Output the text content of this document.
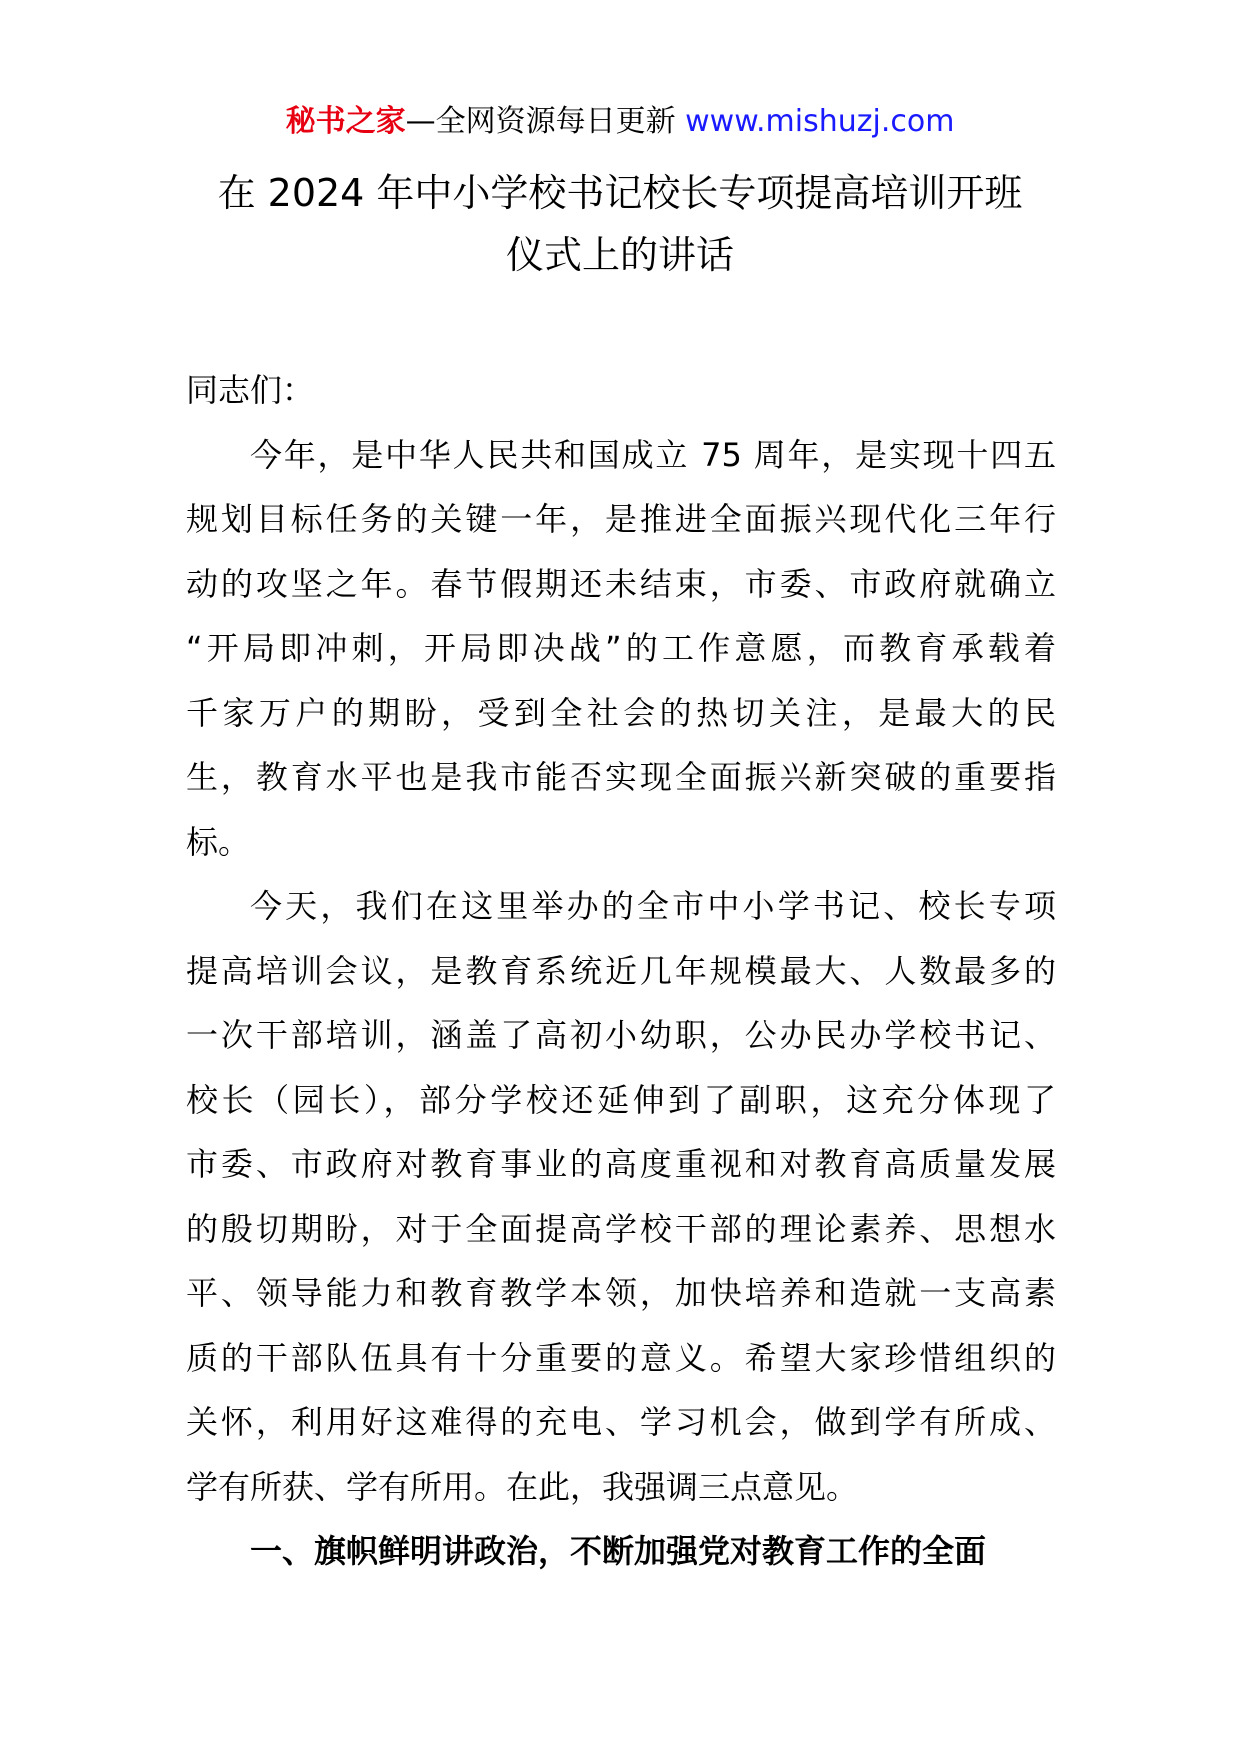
秘书之家—全网资源每日更新 www.mishuzj.com
在 2024 年中小学校书记校长专项提高培训开班
仪式上的讲话

同志们：

今年，是中华人民共和国成立 75 周年，是实现十四五
规划目标任务的关键一年，是推进全面振兴现代化三年行
动的攻坚之年。春节假期还未结束，市委、市政府就确立
“开局即冲刺，开局即决战”的工作意愿，而教育承载着
千家万户的期盼，受到全社会的热切关注，是最大的民
生，教育水平也是我市能否实现全面振兴新突破的重要指
标。

今天，我们在这里举办的全市中小学书记、校长专项
提高培训会议，是教育系统近几年规模最大、人数最多的
一次干部培训，涵盖了高初小幼职，公办民办学校书记、
校长（园长），部分学校还延伸到了副职，这充分体现了
市委、市政府对教育事业的高度重视和对教育高质量发展
的殷切期盼，对于全面提高学校干部的理论素养、思想水
平、领导能力和教育教学本领，加快培养和造就一支高素
质的干部队伍具有十分重要的意义。希望大家珍惜组织的
关怀，利用好这难得的充电、学习机会，做到学有所成、
学有所获、学有所用。在此，我强调三点意见。

一、旗帜鲜明讲政治，不断加强党对教育工作的全面
